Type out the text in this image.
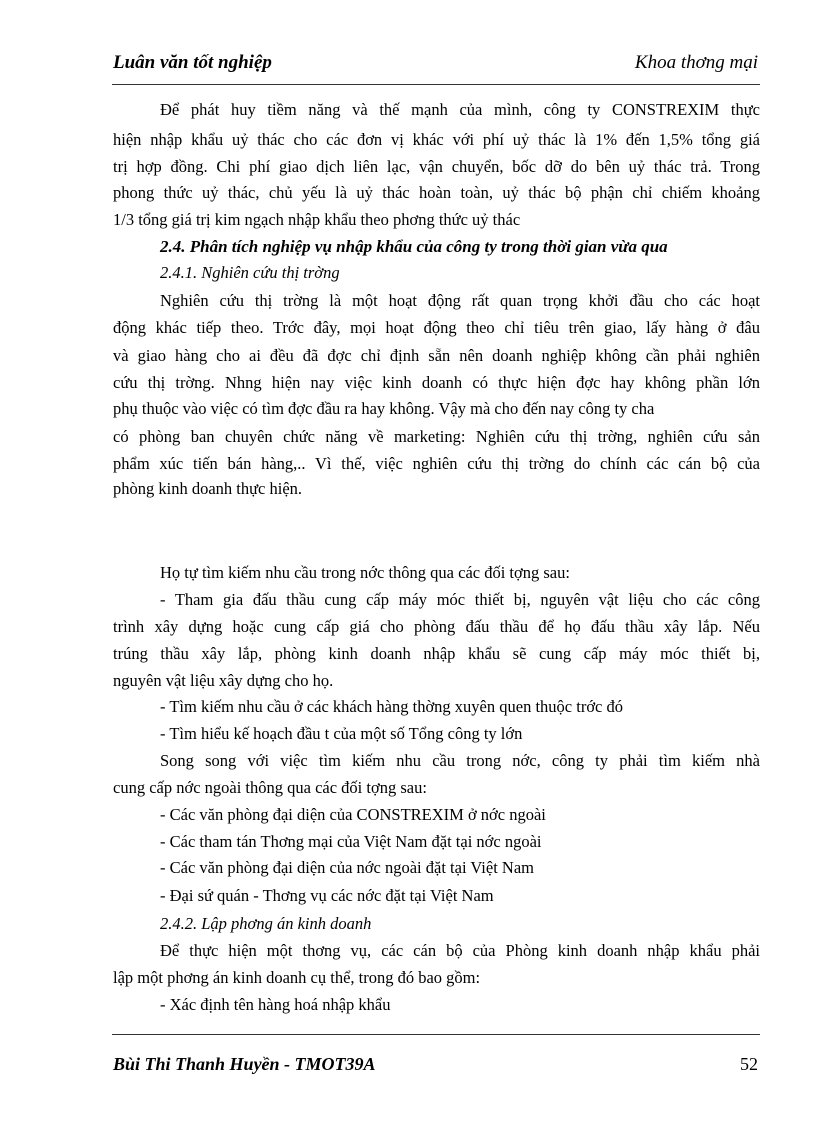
Luân văn tốt nghiệp	Khoa thơng mại
Để phát huy tiềm năng và thế mạnh của mình, công ty CONSTREXIM thực
hiện nhập khẩu uỷ thác cho các đơn vị khác với phí uỷ thác là 1% đến 1,5% tổng giá
trị hợp đồng. Chi phí giao dịch liên lạc, vận chuyển, bốc dỡ do bên uỷ thác trả. Trong
phong thức uỷ thác, chủ yếu là uỷ thác hoàn toàn, uỷ thác bộ phận chỉ chiếm khoảng
1/3 tổng giá trị kim ngạch nhập khẩu theo phơng thức uỷ thác
2.4. Phân tích nghiệp vụ nhập khẩu của công ty trong thời gian vừa qua
2.4.1. Nghiên cứu thị trờng
Nghiên cứu thị trờng là một hoạt động rất quan trọng khởi đầu cho các hoạt
động khác tiếp theo. Trớc đây, mọi hoạt động theo chỉ tiêu trên giao, lấy hàng ở đâu
và giao hàng cho ai đều đã đợc chỉ định sẵn nên doanh nghiệp không cần phải nghiên
cứu thị trờng. Nhng hiện nay việc kinh doanh có thực hiện đợc hay không phần lớn
phụ thuộc vào việc có tìm đợc đầu ra hay không. Vậy mà cho đến nay công ty cha
có phòng ban chuyên chức năng về marketing: Nghiên cứu thị trờng, nghiên cứu sản
phẩm xúc tiến bán hàng,.. Vì thế, việc nghiên cứu thị trờng do chính các cán bộ của
phòng kinh doanh thực hiện.
Họ tự tìm kiếm nhu cầu trong nớc thông qua các đối tợng sau:
- Tham gia đấu thầu cung cấp máy móc thiết bị, nguyên vật liệu cho các công
trình xây dựng hoặc cung cấp giá cho phòng đấu thầu để họ đấu thầu xây lắp. Nếu
trúng thầu xây lắp, phòng kinh doanh nhập khẩu sẽ cung cấp máy móc thiết bị,
nguyên vật liệu xây dựng cho họ.
- Tìm kiếm nhu cầu ở các khách hàng thờng xuyên quen thuộc trớc đó
- Tìm hiểu kế hoạch đầu t của một số Tổng công ty lớn
Song song với việc tìm kiếm nhu cầu trong nớc, công ty phải tìm kiếm nhà
cung cấp nớc ngoài thông qua các đối tợng sau:
- Các văn phòng đại diện của CONSTREXIM ở nớc ngoài
- Các tham tán Thơng mại của Việt Nam đặt tại nớc ngoài
- Các văn phòng đại diện của nớc ngoài đặt tại Việt Nam
- Đại sứ quán - Thơng vụ các nớc đặt tại Việt Nam
2.4.2. Lập phơng án kinh doanh
Để thực hiện một thơng vụ, các cán bộ của Phòng kinh doanh nhập khẩu phải
lập một phơng án kinh doanh cụ thể, trong đó bao gồm:
- Xác định tên hàng hoá nhập khẩu
Bùi Thi Thanh Huyền - TMOT39A	52
